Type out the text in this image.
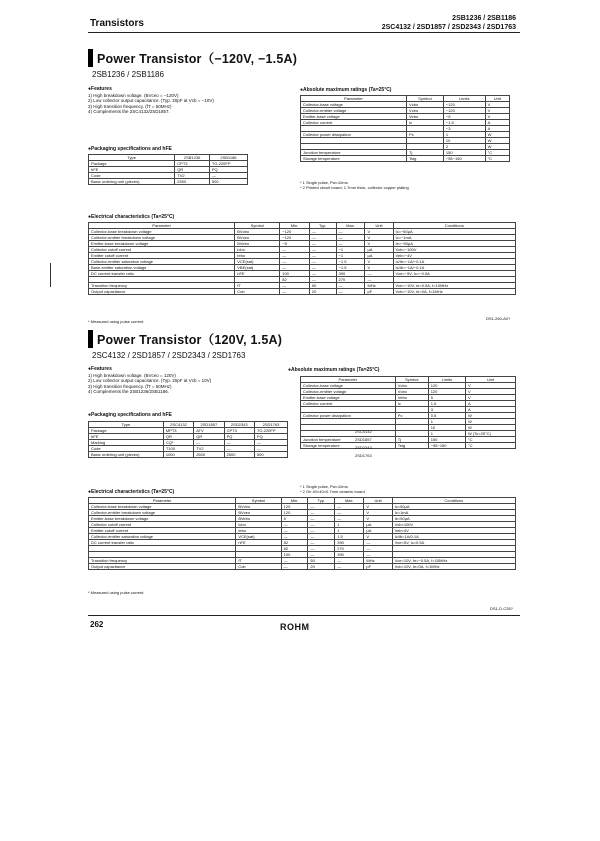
Transistors	2SB1236 / 2SB1186
2SC4132 / 2SD1857 / 2SD2343 / 2SD1763
Power Transistor（−120V, −1.5A)
2SB1236 / 2SB1186
●Features
1) High breakdown voltage. (BVceo = −120V)
2) Low collector output capacitance. (Typ. 20pF at Vcb = −10V)
3) High transition frequency. (fT = 50MHz)
4) Complements the 2SC4132/2SD1857.
●Absolute maximum ratings (Ta=25°C)
Parameter	Symbol	Limits	Unit
Collector-base voltage	Vcbo	−120	V
Collector-emitter voltage	Vceo	−120	V
Emitter-base voltage	Vebo	−5	V
Collector current	Ic	−1.5	A
		−3	A
Collector power dissipation	Pc	1	W
		10	W
		2	W
Junction temperature	Tj	150	°C
Storage temperature	Tstg	−55~150	°C
* 1 Single pulse, Pw=10ms
* 2 Printed circuit board, 1.7mm thick, collector copper plating
●Packaging specifications and hFE
Type	2SB1236	2SB1186
Package	CPT3	TO-220FP
hFE	QR	PQ
Code	TV2	—
Basic ordering unit (pieces)	2500	500
●Electrical characteristics (Ta=25°C)
Parameter	Symbol	Min.	Typ.	Max.	Unit	Conditions
Collector-base breakdown voltage	BVcbo	−120	—	—	V	Ic=−50μA
Collector-emitter breakdown voltage	BVceo	−120	—	—	V	Ic=−1mA
Emitter-base breakdown voltage	BVebo	−5	—	—	V	Ie=−50μA
Collector cutoff current	Icbo	—	—	−1	μA	Vcb=−100V
Emitter cutoff current	Iebo	—	—	−1	μA	Veb=−4V
Collector-emitter saturation voltage	VCE(sat)	—	—	−1.5	V	Ic/Ib=−1A/−0.1A
Base-emitter saturation voltage	VBE(sat)	—	—	−1.5	V	Ic/Ib=−1A/−0.1A
DC current transfer ratio	hFE	100	—	390	—	Vce=−5V, Ic=−0.5A
		82	—	270	—	
Transition frequency	fT	—	50	—	MHz	Vce=−10V, Ie=0.5A, f=10MHz
Output capacitance	Cob	—	20	—	pF	Vcb=−10V, Ie=0A, f=1MHz
* Measured using pulse current.
DS1-260-A0?
Power Transistor（120V, 1.5A)
2SC4132 / 2SD1857 / 2SD2343 / 2SD1763
●Features
1) High breakdown voltage. (BVceo = 120V)
2) Low collector output capacitance. (Typ. 20pF at Vcb = 10V)
3) High transition frequency. (fT = 50MHz)
4) Complements the 2SB1236/2SB1186.
●Absolute maximum ratings (Ta=25°C)
Parameter	Symbol	Limits	Unit
Collector-base voltage	Vcbo	120	V
Collector-emitter voltage	Vceo	120	V
Emitter-base voltage	Vebo	5	V
Collector current	Ic	1.5	A
		3	A
Collector power dissipation	Pc	0.5	W
		1	W
		10	W
		1	W (Tc=25°C)
Junction temperature	Tj	150	°C
Storage temperature	Tstg	−55~150	°C
* 1 Single pulse, Pw=10ms
* 2 On 40×40×0.7mm ceramic board
●Packaging specifications and hFE
Type	2SC4132	2SD1857	2SD2343	2SD1763
Package	MPT3	ATV	CPT3	TO-220FP
hFE	QR	QR	PQ	PQ
Marking	CQ*	—	—	—
Code	T100	TV2	—	—
Basic ordering unit (pieces)	1000	2500	2500	500
●Electrical characteristics (Ta=25°C)
Parameter	Symbol	Min.	Typ.	Max.	Unit	Conditions
Collector-base breakdown voltage	BVcbo	120	—	—	V	Ic=50μA
Collector-emitter breakdown voltage	BVceo	120	—	—	V	Ic=1mA
Emitter-base breakdown voltage	BVebo	5	—	—	V	Ie=50μA
Collector cutoff current	Icbo	—	—	1	μA	Vcb=100V
Emitter cutoff current	Iebo	—	—	1	μA	Veb=4V
Collector-emitter saturation voltage	VCE(sat)	—	—	1.5	V	Ic/Ib=1A/0.1A
DC current transfer ratio	hFE	82	—	390	—	Vce=5V, Ic=0.5A
		82	—	270	—	
		100	—	390	—	
Transition frequency	fT	—	50	—	MHz	Vce=10V, Ie=−0.5A, f=10MHz
Output capacitance	Cob	—	20	—	pF	Vcb=10V, Ie=0A, f=1MHz
* Measured using pulse current.
DS1-D-C35?
262	ROHM
2SC4132
2SD1857
2SD2343
2SD1763
